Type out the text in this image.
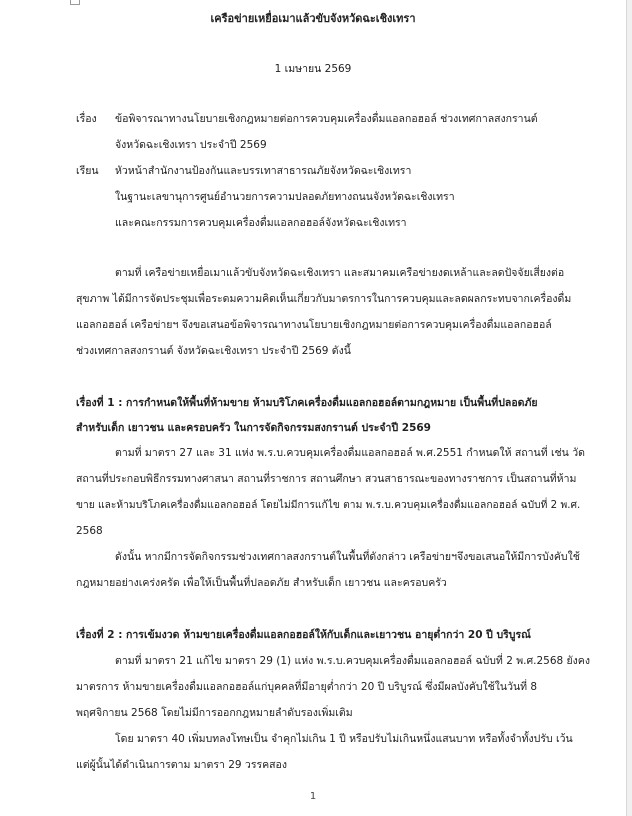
เครือข่ายเหยื่อเมาแล้วขับจังหวัดฉะเชิงเทรา
1 เมษายน 2569
เรื่อง ข้อพิจารณาทางนโยบายเชิงกฎหมายต่อการควบคุมเครื่องดื่มแอลกอฮอล์ ช่วงเทศกาลสงกรานต์
จังหวัดฉะเชิงเทรา ประจำปี 2569
เรียน หัวหน้าสำนักงานป้องกันและบรรเทาสาธารณภัยจังหวัดฉะเชิงเทรา
ในฐานะเลขานุการศูนย์อำนวยการความปลอดภัยทางถนนจังหวัดฉะเชิงเทรา
และคณะกรรมการควบคุมเครื่องดื่มแอลกอฮอล์จังหวัดฉะเชิงเทรา
ตามที่ เครือข่ายเหยื่อเมาแล้วขับจังหวัดฉะเชิงเทรา และสมาคมเครือข่ายงดเหล้าและลดปัจจัยเสี่ยงต่อ
สุขภาพ ได้มีการจัดประชุมเพื่อระดมความคิดเห็นเกี่ยวกับมาตรการในการควบคุมและลดผลกระทบจากเครื่องดื่ม
แอลกอฮอล์ เครือข่ายฯ จึงขอเสนอข้อพิจารณาทางนโยบายเชิงกฎหมายต่อการควบคุมเครื่องดื่มแอลกอฮอล์
ช่วงเทศกาลสงกรานต์ จังหวัดฉะเชิงเทรา ประจำปี 2569 ดังนี้
เรื่องที่ 1 : การกำหนดให้พื้นที่ห้ามขาย ห้ามบริโภคเครื่องดื่มแอลกอฮอล์ตามกฎหมาย เป็นพื้นที่ปลอดภัย
สำหรับเด็ก เยาวชน และครอบครัว ในการจัดกิจกรรมสงกรานต์ ประจำปี 2569
ตามที่ มาตรา 27 และ 31 แห่ง พ.ร.บ.ควบคุมเครื่องดื่มแอลกอฮอล์ พ.ศ.2551 กำหนดให้ สถานที่ เช่น วัด
สถานที่ประกอบพิธีกรรมทางศาสนา สถานที่ราชการ สถานศึกษา สวนสาธารณะของทางราชการ เป็นสถานที่ห้าม
ขาย และห้ามบริโภคเครื่องดื่มแอลกอฮอล์ โดยไม่มีการแก้ไข ตาม พ.ร.บ.ควบคุมเครื่องดื่มแอลกอฮอล์ ฉบับที่ 2 พ.ศ.
2568
ดังนั้น หากมีการจัดกิจกรรมช่วงเทศกาลสงกรานต์ในพื้นที่ดังกล่าว เครือข่ายฯจึงขอเสนอให้มีการบังคับใช้
กฎหมายอย่างเคร่งครัด เพื่อให้เป็นพื้นที่ปลอดภัย สำหรับเด็ก เยาวชน และครอบครัว
เรื่องที่ 2 : การเข้มงวด ห้ามขายเครื่องดื่มแอลกอฮอล์ให้กับเด็กและเยาวชน อายุต่ำกว่า 20 ปี บริบูรณ์
ตามที่ มาตรา 21 แก้ไข มาตรา 29 (1) แห่ง พ.ร.บ.ควบคุมเครื่องดื่มแอลกอฮอล์ ฉบับที่ 2 พ.ศ.2568 ยังคง
มาตรการ ห้ามขายเครื่องดื่มแอลกอฮอล์แก่บุคคลที่มีอายุต่ำกว่า 20 ปี บริบูรณ์ ซึ่งมีผลบังคับใช้ในวันที่ 8
พฤศจิกายน 2568 โดยไม่มีการออกกฎหมายลำดับรองเพิ่มเติม
โดย มาตรา 40 เพิ่มบทลงโทษเป็น จำคุกไม่เกิน 1 ปี หรือปรับไม่เกินหนึ่งแสนบาท หรือทั้งจำทั้งปรับ เว้น
แต่ผู้นั้นได้ดำเนินการตาม มาตรา 29 วรรคสอง
1
